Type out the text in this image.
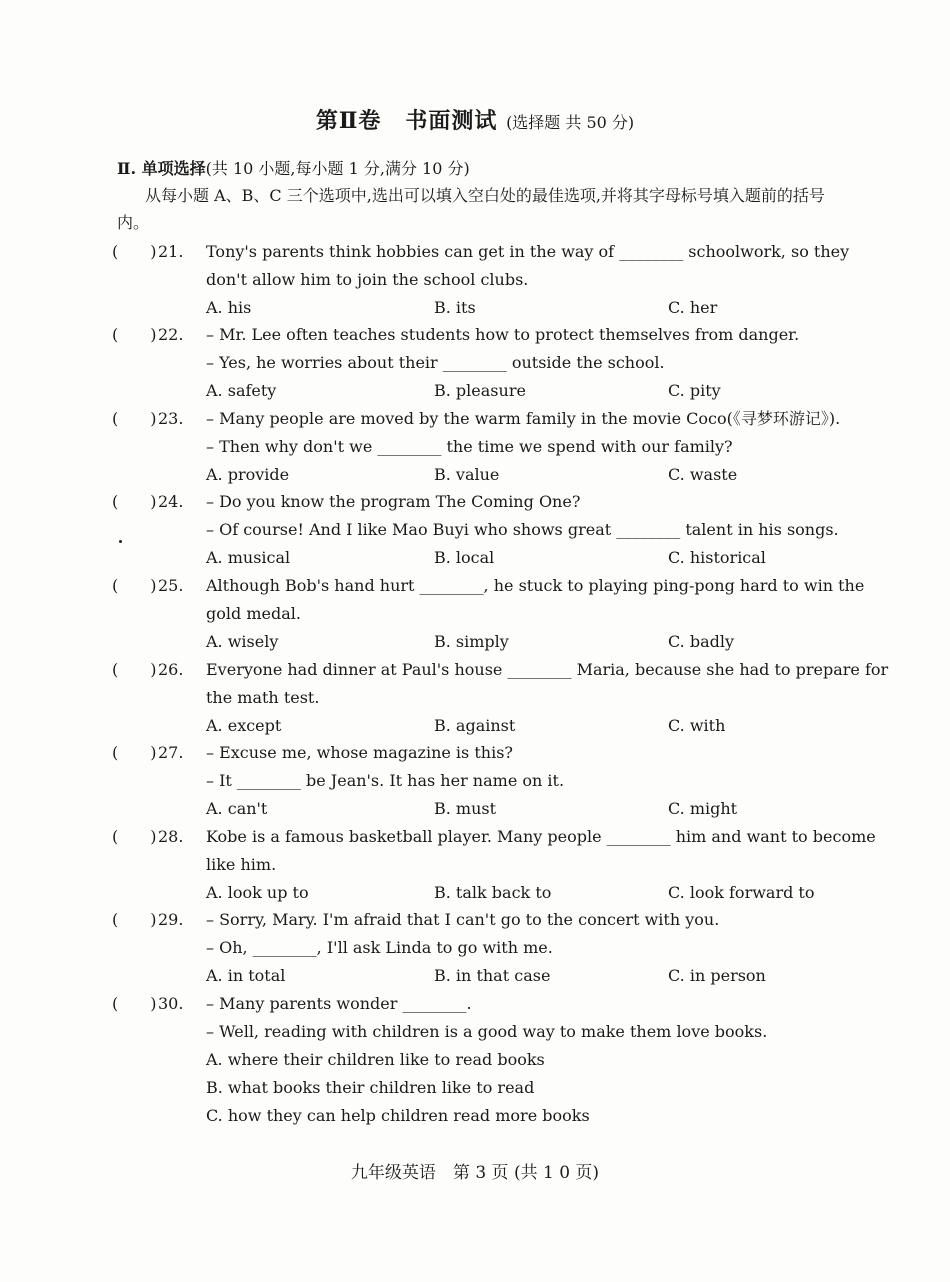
第Ⅱ卷 书面测试 (选择题 共 50 分)
Ⅱ. 单项选择(共 10 小题,每小题 1 分,满分 10 分)
从每小题 A、B、C 三个选项中,选出可以填入空白处的最佳选项,并将其字母标号填入题前的括号内。
(　　) 21. Tony's parents think hobbies can get in the way of ________ schoolwork, so they
don't allow him to join the school clubs.
A. his	B. its	C. her
(　　) 22. – Mr. Lee often teaches students how to protect themselves from danger.
– Yes, he worries about their ________ outside the school.
A. safety	B. pleasure	C. pity
(　　) 23. – Many people are moved by the warm family in the movie Coco(《寻梦环游记》).
– Then why don't we ________ the time we spend with our family?
A. provide	B. value	C. waste
(　　) 24. – Do you know the program The Coming One?
– Of course! And I like Mao Buyi who shows great ________ talent in his songs.
A. musical	B. local	C. historical
(　　) 25. Although Bob's hand hurt ________, he stuck to playing ping-pong hard to win the
gold medal.
A. wisely	B. simply	C. badly
(　　) 26. Everyone had dinner at Paul's house ________ Maria, because she had to prepare for
the math test.
A. except	B. against	C. with
(　　) 27. – Excuse me, whose magazine is this?
– It ________ be Jean's. It has her name on it.
A. can't	B. must	C. might
(　　) 28. Kobe is a famous basketball player. Many people ________ him and want to become
like him.
A. look up to	B. talk back to	C. look forward to
(　　) 29. – Sorry, Mary. I'm afraid that I can't go to the concert with you.
– Oh, ________, I'll ask Linda to go with me.
A. in total	B. in that case	C. in person
(　　) 30. – Many parents wonder ________.
– Well, reading with children is a good way to make them love books.
A. where their children like to read books
B. what books their children like to read
C. how they can help children read more books
九年级英语　第 3 页 (共 1 0 页)
